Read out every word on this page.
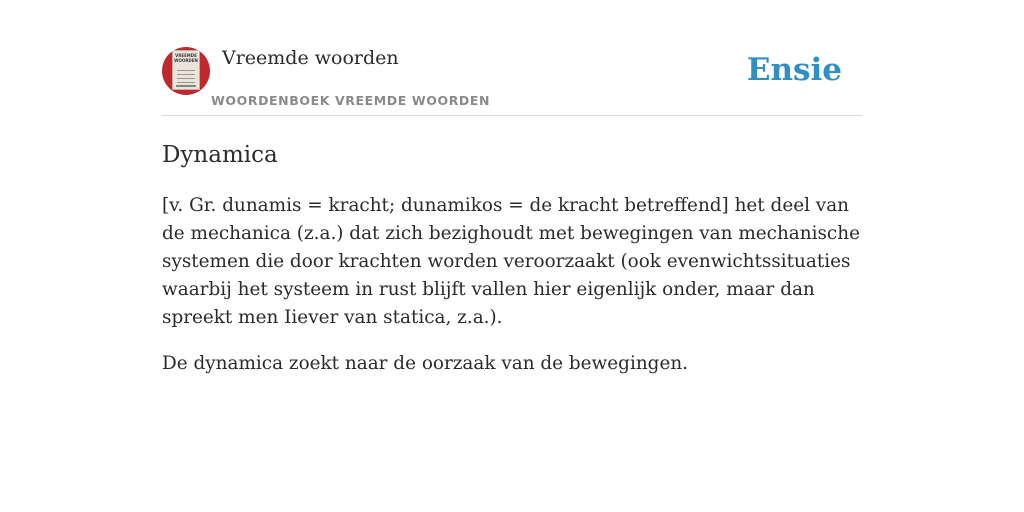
VREEMDE WOORDEN Vreemde woorden
WOORDENBOEK VREEMDE WOORDEN
Ensie
Dynamica

[v. Gr. dunamis = kracht; dunamikos = de kracht betreffend] het deel van de mechanica (z.a.) dat zich bezighoudt met bewegingen van mechanische systemen die door krachten worden veroorzaakt (ook evenwichtssituaties waarbij het systeem in rust blijft vallen hier eigenlijk onder, maar dan spreekt men Iiever van statica, z.a.).

De dynamica zoekt naar de oorzaak van de bewegingen.
